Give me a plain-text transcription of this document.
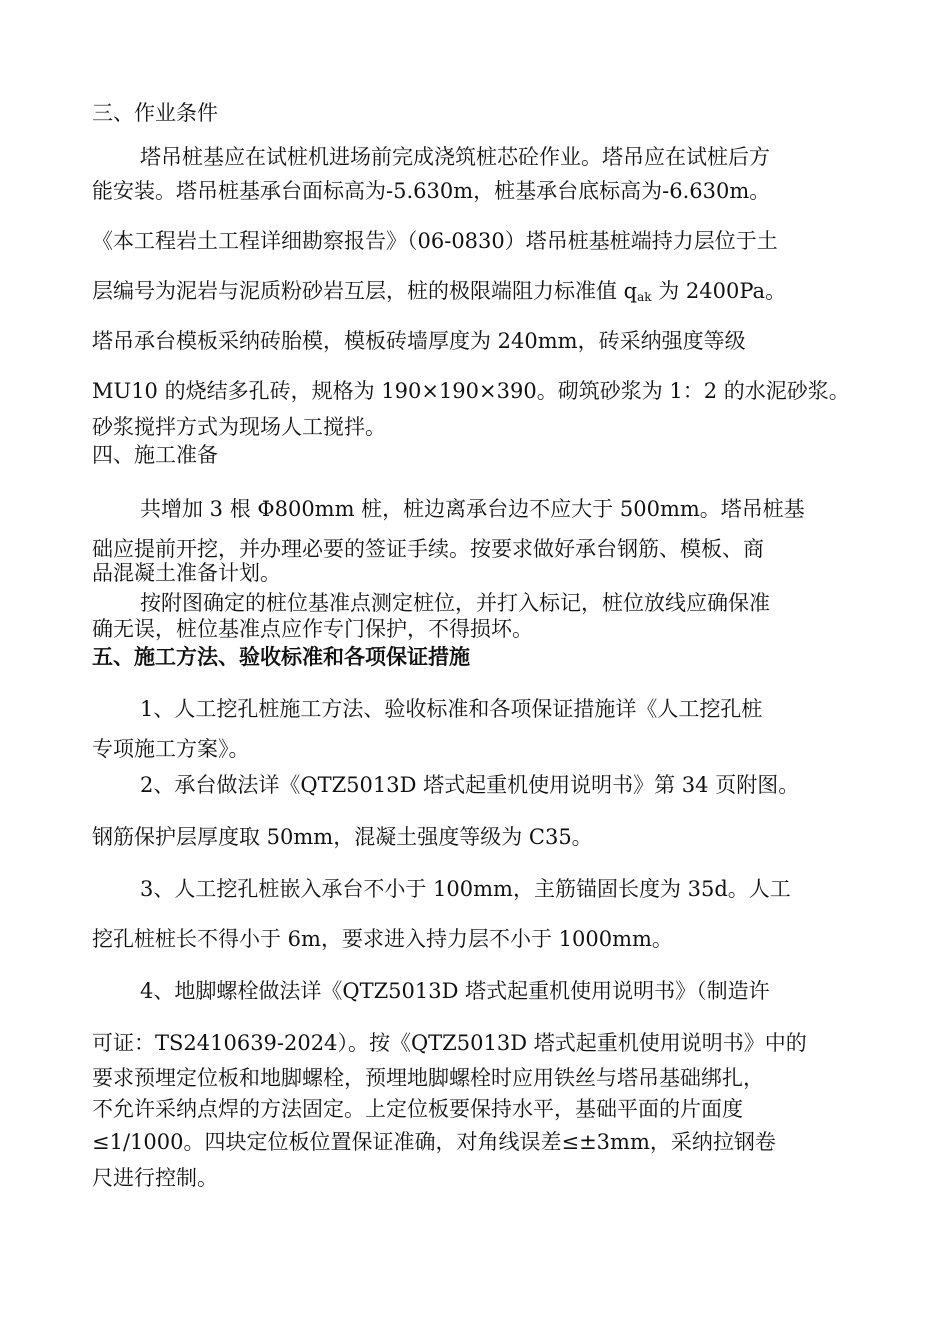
三、作业条件
塔吊桩基应在试桩机进场前完成浇筑桩芯砼作业。塔吊应在试桩后方
能安装。塔吊桩基承台面标高为-5.630m，桩基承台底标高为-6.630m。
《本工程岩土工程详细勘察报告》（06-0830）塔吊桩基桩端持力层位于土
层编号为泥岩与泥质粉砂岩互层，桩的极限端阻力标准值 $q_{ak}$ 为 2400Pa。
塔吊承台模板采纳砖胎模，模板砖墙厚度为 240mm，砖采纳强度等级
MU10 的烧结多孔砖，规格为 190×190×390。砌筑砂浆为 1：2 的水泥砂浆。
砂浆搅拌方式为现场人工搅拌。
四、施工准备
共增加 3 根 Φ800mm 桩，桩边离承台边不应大于 500mm。塔吊桩基
础应提前开挖，并办理必要的签证手续。按要求做好承台钢筋、模板、商
品混凝土准备计划。
按附图确定的桩位基准点测定桩位，并打入标记，桩位放线应确保准
确无误，桩位基准点应作专门保护，不得损坏。
五、施工方法、验收标准和各项保证措施
1、人工挖孔桩施工方法、验收标准和各项保证措施详《人工挖孔桩
专项施工方案》。
2、承台做法详《QTZ5013D 塔式起重机使用说明书》第 34 页附图。
钢筋保护层厚度取 50mm，混凝土强度等级为 C35。
3、人工挖孔桩嵌入承台不小于 100mm，主筋锚固长度为 35d。人工
挖孔桩桩长不得小于 6m，要求进入持力层不小于 1000mm。
4、地脚螺栓做法详《QTZ5013D 塔式起重机使用说明书》（制造许
可证：TS2410639-2024）。按《QTZ5013D 塔式起重机使用说明书》中的
要求预埋定位板和地脚螺栓，预埋地脚螺栓时应用铁丝与塔吊基础绑扎，
不允许采纳点焊的方法固定。上定位板要保持水平，基础平面的片面度
≤1/1000。四块定位板位置保证准确，对角线误差≤±3mm，采纳拉钢卷
尺进行控制。
